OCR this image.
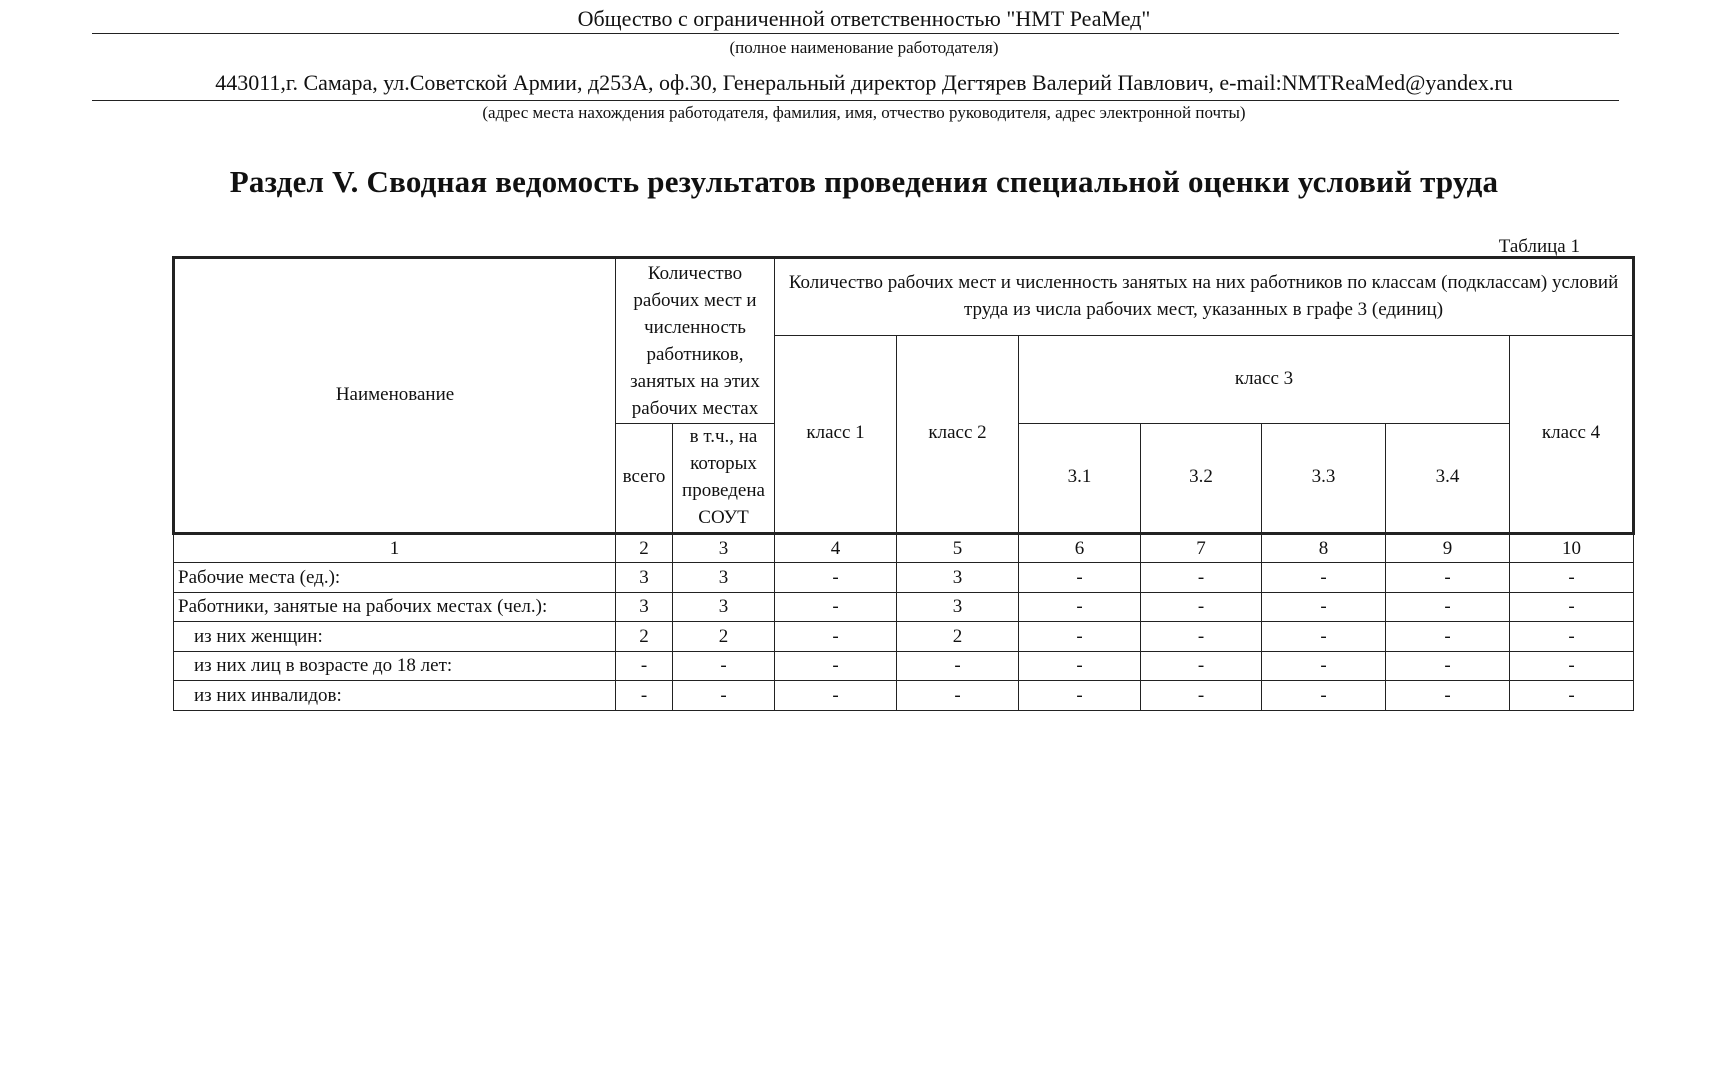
Общество с ограниченной ответственностью "НМТ РеаМед"
(полное наименование работодателя)
443011,г. Самара, ул.Советской Армии, д253А, оф.30, Генеральный директор Дегтярев Валерий Павлович, e-mail:NMTReaMed@yandex.ru
(адрес места нахождения работодателя, фамилия, имя, отчество руководителя, адрес электронной почты)
Раздел V. Сводная ведомость результатов проведения специальной оценки условий труда
Таблица 1
Наименование	Количество рабочих мест и численность работников, занятых на этих рабочих местах		Количество рабочих мест и численность занятых на них работников по классам (подклассам) условий труда из числа рабочих мест, указанных в графе 3 (единиц)						
			класс 1	класс 2	класс 3				класс 4
	всего	в т.ч., на которых проведена СОУТ			3.1	3.2	3.3	3.4	
1	2	3	4	5	6	7	8	9	10
Рабочие места (ед.):	3	3	-	3	-	-	-	-	-
Работники, занятые на рабочих местах (чел.):	3	3	-	3	-	-	-	-	-
из них женщин:	2	2	-	2	-	-	-	-	-
из них лиц в возрасте до 18 лет:	-	-	-	-	-	-	-	-	-
из них инвалидов:	-	-	-	-	-	-	-	-	-
